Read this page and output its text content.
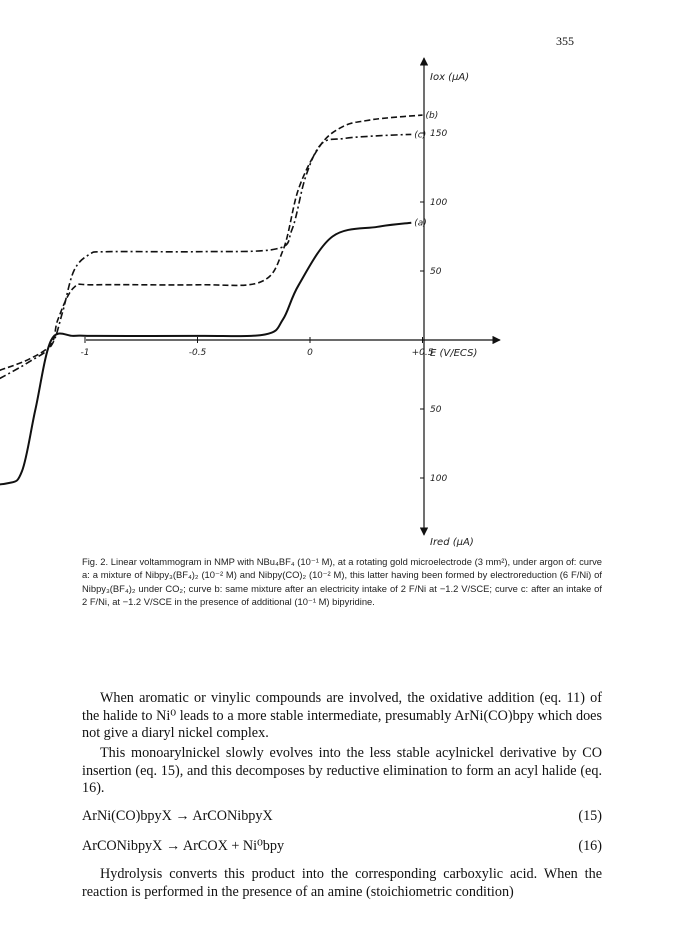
355
-1	-0.5	0	+0.5
150
100
50
50
100
(a)
(b)
(c)
Iox (µA)
Ired (µA)
E (V/ECS)

Fig. 2. Linear voltammogram in NMP with NBu₄BF₄ (10⁻¹ M), at a rotating gold microelectrode (3 mm²), under argon of: curve a: a mixture of Nibpy₃(BF₄)₂ (10⁻² M) and Nibpy(CO)₂ (10⁻² M), this latter having been formed by electroreduction (6 F/Ni) of Nibpy₃(BF₄)₂ under CO₂; curve b: same mixture after an electricity intake of 2 F/Ni at −1.2 V/SCE; curve c: after an intake of 2 F/Ni, at −1.2 V/SCE in the presence of additional (10⁻¹ M) bipyridine.

When aromatic or vinylic compounds are involved, the oxidative addition (eq. 11) of the halide to Ni⁰ leads to a more stable intermediate, presumably ArNi(CO)bpy which does not give a diaryl nickel complex.

This monoarylnickel slowly evolves into the less stable acylnickel derivative by CO insertion (eq. 15), and this decomposes by reductive elimination to form an acyl halide (eq. 16).

ArNi(CO)bpyX → ArCONibpyX	(15)
ArCONibpyX → ArCOX + Ni⁰bpy	(16)

Hydrolysis converts this product into the corresponding carboxylic acid. When the reaction is performed in the presence of an amine (stoichiometric condition)
